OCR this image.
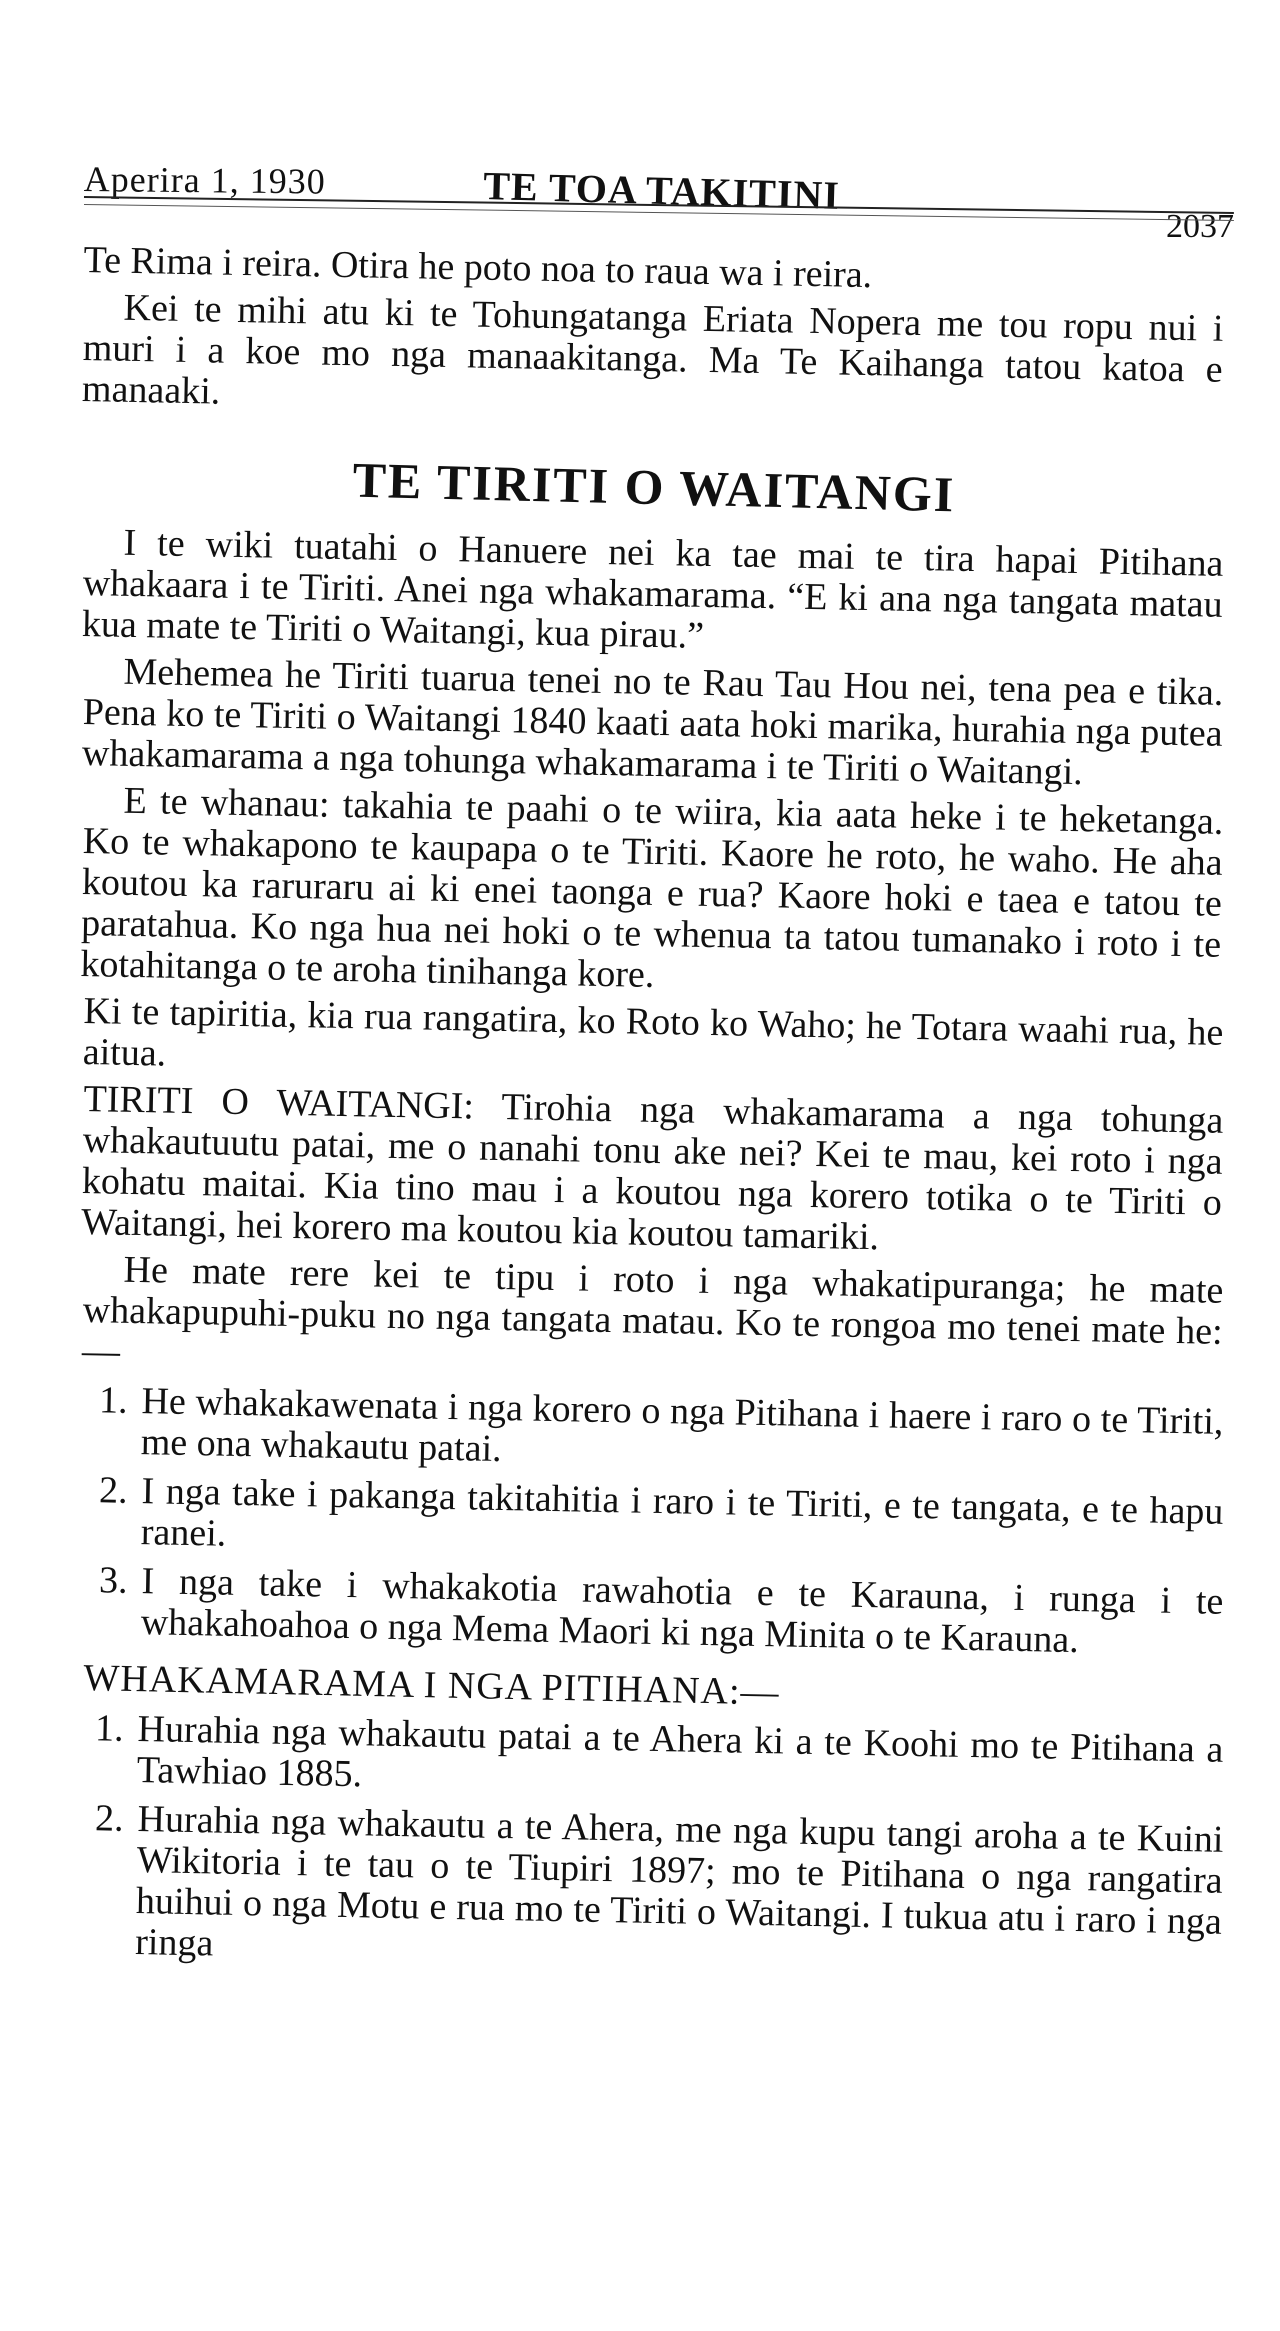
Aperira 1, 1930	TE TOA TAKITINI
2037

Te Rima i reira. Otira he poto noa to raua wa i reira.

Kei te mihi atu ki te Tohungatanga Eriata Nopera me tou ropu nui i muri i a koe mo nga manaakitanga. Ma Te Kaihanga tatou katoa e manaaki.

TE TIRITI O WAITANGI

I te wiki tuatahi o Hanuere nei ka tae mai te tira hapai Pitihana whakaara i te Tiriti. Anei nga whakamarama. “E ki ana nga tangata matau kua mate te Tiriti o Waitangi, kua pirau.”

Mehemea he Tiriti tuarua tenei no te Rau Tau Hou nei, tena pea e tika. Pena ko te Tiriti o Waitangi 1840 kaati aata hoki marika, hurahia nga putea whakamarama a nga tohunga whakamarama i te Tiriti o Waitangi.

E te whanau: takahia te paahi o te wiira, kia aata heke i te heketanga. Ko te whakapono te kaupapa o te Tiriti. Kaore he roto, he waho. He aha koutou ka raruraru ai ki enei taonga e rua? Kaore hoki e taea e tatou te paratahua. Ko nga hua nei hoki o te whenua ta tatou tumanako i roto i te kotahitanga o te aroha tinihanga kore.

Ki te tapiritia, kia rua rangatira, ko Roto ko Waho; he Totara waahi rua, he aitua.

TIRITI O WAITANGI: Tirohia nga whakamarama a nga tohunga whakautuutu patai, me o nanahi tonu ake nei? Kei te mau, kei roto i nga kohatu maitai. Kia tino mau i a koutou nga korero totika o te Tiriti o Waitangi, hei korero ma koutou kia koutou tamariki.

He mate rere kei te tipu i roto i nga whakatipuranga; he mate whakapupuhi-puku no nga tangata matau. Ko te rongoa mo tenei mate he:—

1. He whakakawenata i nga korero o nga Pitihana i haere i raro o te Tiriti, me ona whakautu patai.
2. I nga take i pakanga takitahitia i raro i te Tiriti, e te tangata, e te hapu ranei.
3. I nga take i whakakotia rawahotia e te Karauna, i runga i te whakahoahoa o nga Mema Maori ki nga Minita o te Karauna.
WHAKAMARAMA I NGA PITIHANA:—
1. Hurahia nga whakautu patai a te Ahera ki a te Koohi mo te Pitihana a Tawhiao 1885.
2. Hurahia nga whakautu a te Ahera, me nga kupu tangi aroha a te Kuini Wikitoria i te tau o te Tiupiri 1897; mo te Pitihana o nga rangatira huihui o nga Motu e rua mo te Tiriti o Waitangi. I tukua atu i raro i nga ringa
